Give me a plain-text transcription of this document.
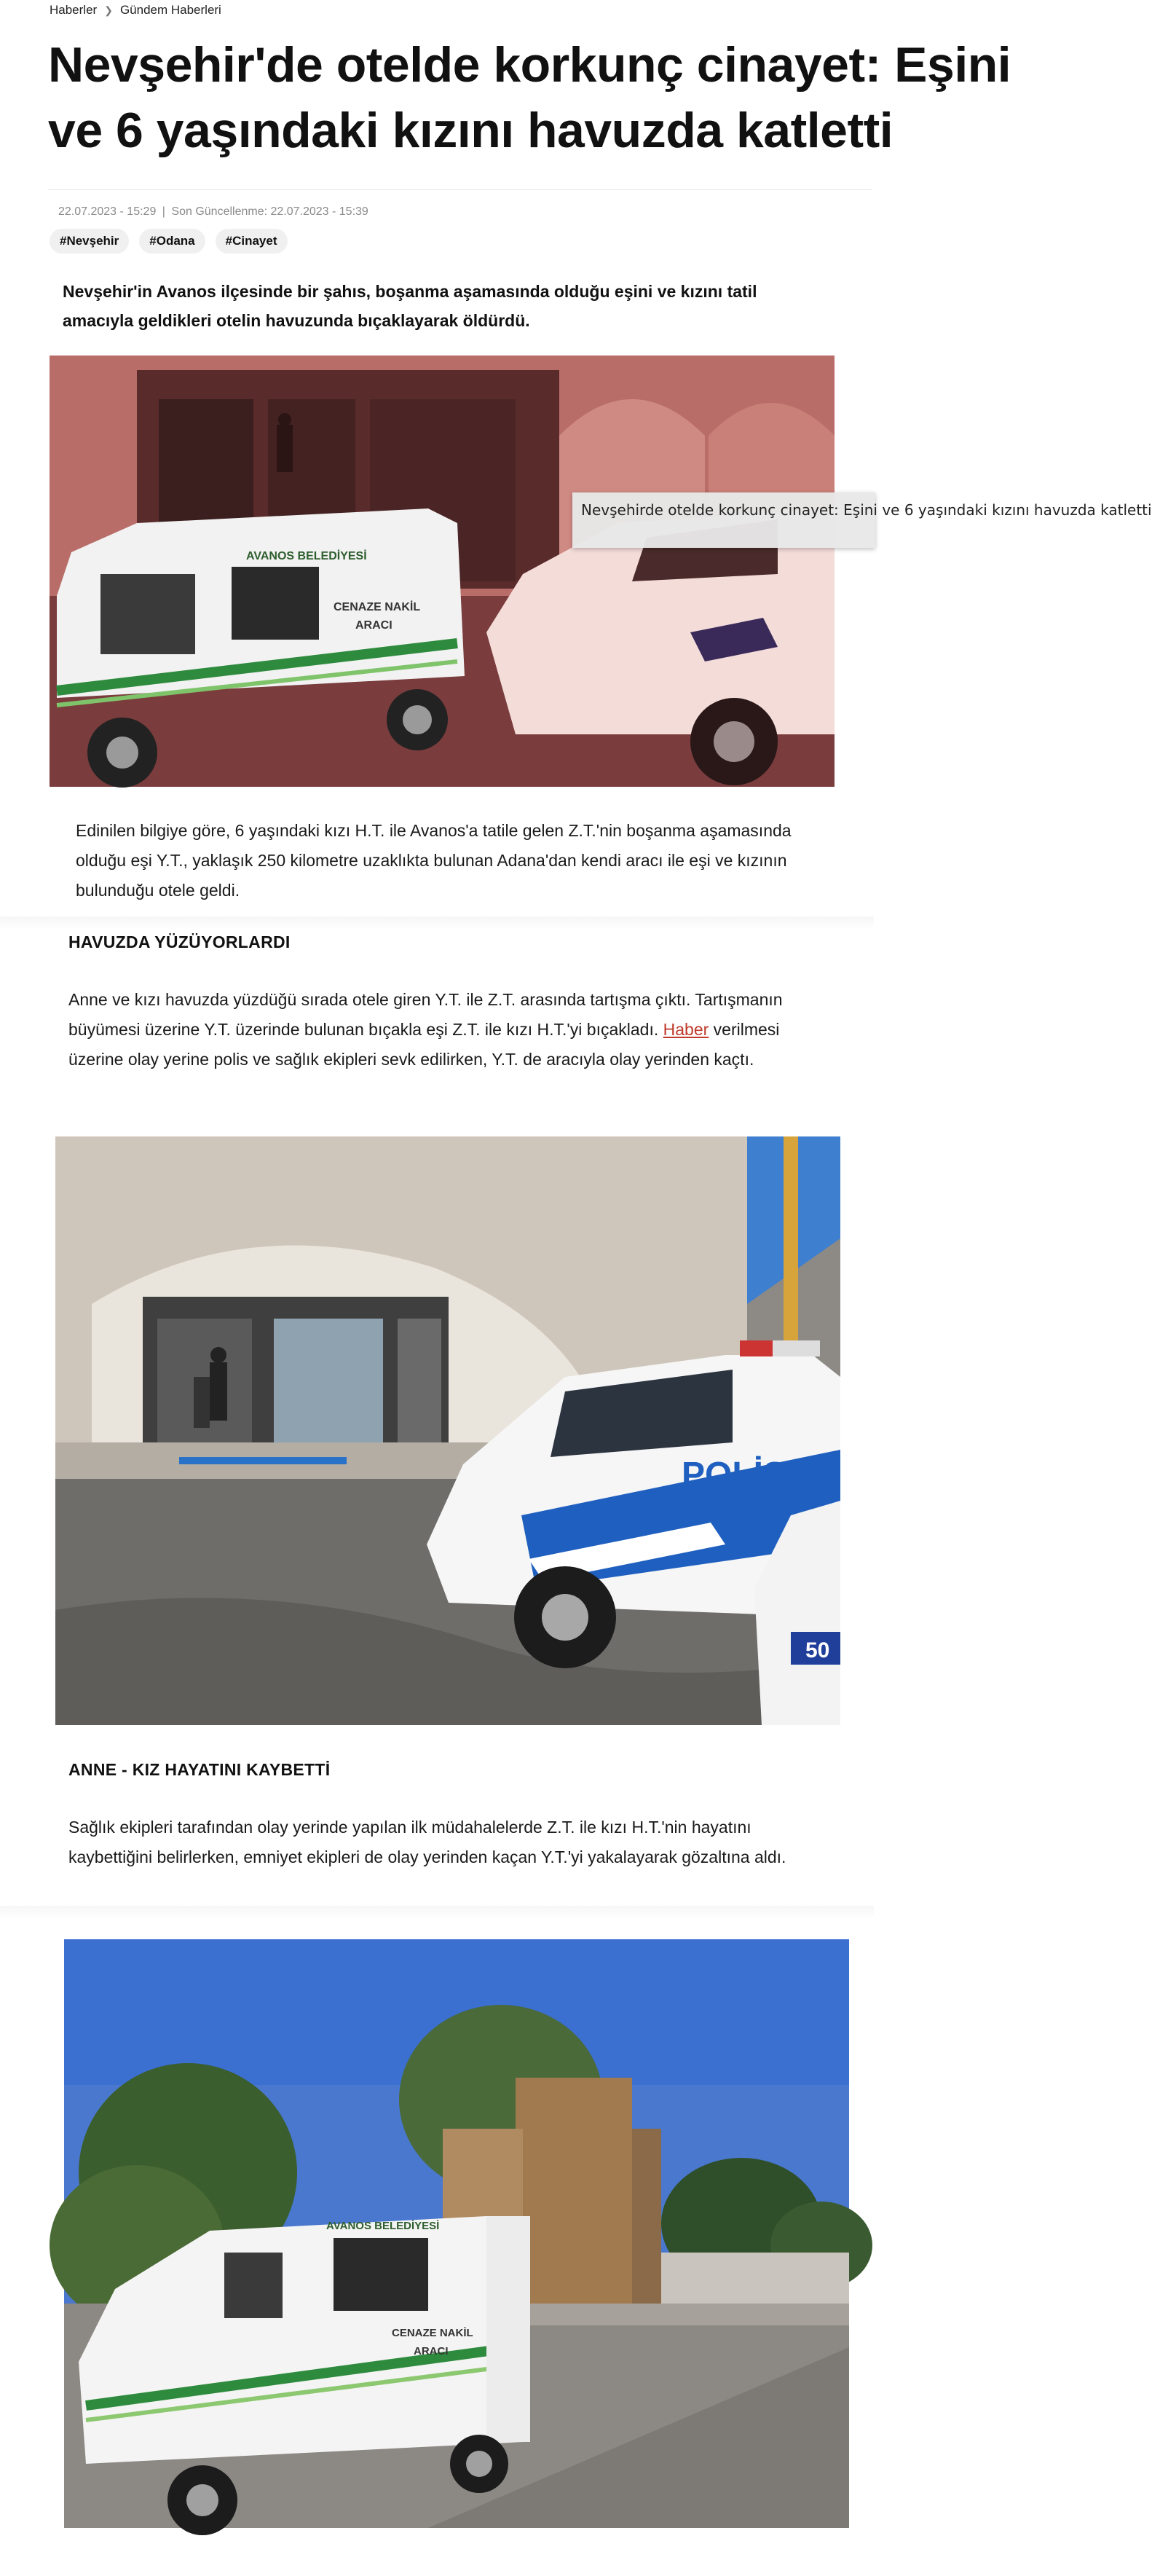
Haberler ❯ Gündem Haberleri
Nevşehir'de otelde korkunç cinayet: Eşini ve 6 yaşındaki kızını havuzda katletti
22.07.2023 - 15:29 | Son Güncellenme: 22.07.2023 - 15:39
#Nevşehir	#Odana	#Cinayet

Nevşehir'in Avanos ilçesinde bir şahıs, boşanma aşamasında olduğu eşini ve kızını tatil amacıyla geldikleri otelin havuzunda bıçaklayarak öldürdü.

AVANOS BELEDİYESİ
CENAZE NAKİL
ARACI
Nevşehirde otelde korkunç cinayet: Eşini ve 6 yaşındaki kızını havuzda katletti

Edinilen bilgiye göre, 6 yaşındaki kızı H.T. ile Avanos'a tatile gelen Z.T.'nin boşanma aşamasında olduğu eşi Y.T., yaklaşık 250 kilometre uzaklıkta bulunan Adana'dan kendi aracı ile eşi ve kızının bulunduğu otele geldi.

HAVUZDA YÜZÜYORLARDI

Anne ve kızı havuzda yüzdüğü sırada otele giren Y.T. ile Z.T. arasında tartışma çıktı. Tartışmanın büyümesi üzerine Y.T. üzerinde bulunan bıçakla eşi Z.T. ile kızı H.T.'yi bıçakladı. Haber verilmesi üzerine olay yerine polis ve sağlık ekipleri sevk edilirken, Y.T. de aracıyla olay yerinden kaçtı.

POLİS
50
ANNE - KIZ HAYATINI KAYBETTİ

Sağlık ekipleri tarafından olay yerinde yapılan ilk müdahalelerde Z.T. ile kızı H.T.'nin hayatını kaybettiğini belirlerken, emniyet ekipleri de olay yerinden kaçan Y.T.'yi yakalayarak gözaltına aldı.

AVANOS BELEDİYESİ
CENAZE NAKİL
ARACI
